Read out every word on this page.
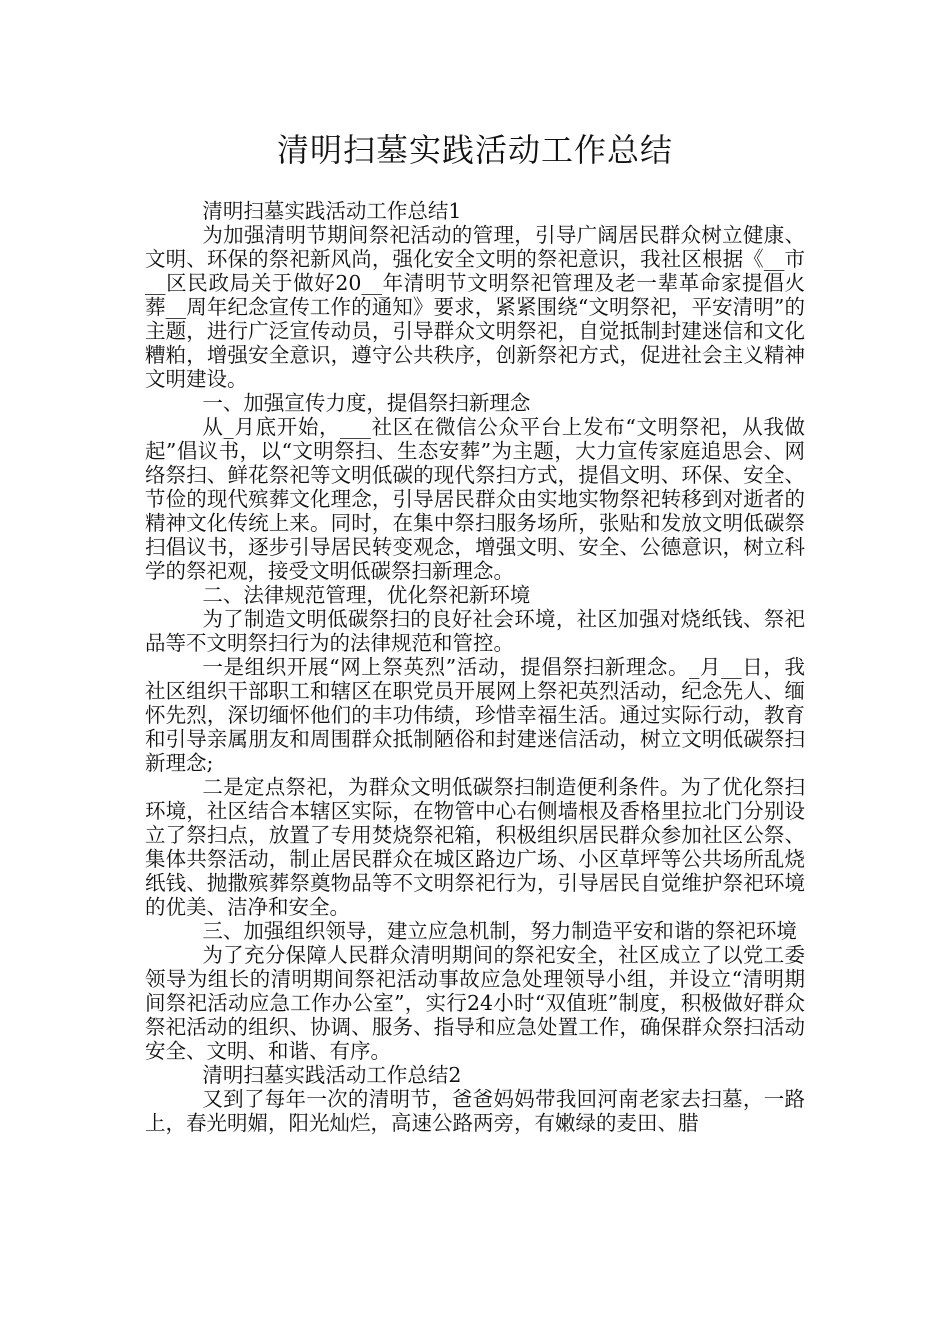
清明扫墓实践活动工作总结

清明扫墓实践活动工作总结1

为加强清明节期间祭祀活动的管理，引导广阔居民群众树立健康、文明、环保的祭祀新风尚，强化安全文明的祭祀意识，我社区根据《__市__区民政局关于做好20__年清明节文明祭祀管理及老一辈革命家提倡火葬__周年纪念宣传工作的通知》要求，紧紧围绕“文明祭祀，平安清明”的主题，进行广泛宣传动员，引导群众文明祭祀，自觉抵制封建迷信和文化糟粕，增强安全意识，遵守公共秩序，创新祭祀方式，促进社会主义精神文明建设。

一、加强宣传力度，提倡祭扫新理念

从_月底开始，___社区在微信公众平台上发布“文明祭祀，从我做起”倡议书，以“文明祭扫、生态安葬”为主题，大力宣传家庭追思会、网络祭扫、鲜花祭祀等文明低碳的现代祭扫方式，提倡文明、环保、安全、节俭的现代殡葬文化理念，引导居民群众由实地实物祭祀转移到对逝者的精神文化传统上来。同时，在集中祭扫服务场所，张贴和发放文明低碳祭扫倡议书，逐步引导居民转变观念，增强文明、安全、公德意识，树立科学的祭祀观，接受文明低碳祭扫新理念。

二、法律规范管理，优化祭祀新环境

为了制造文明低碳祭扫的良好社会环境，社区加强对烧纸钱、祭祀品等不文明祭扫行为的法律规范和管控。

一是组织开展“网上祭英烈”活动，提倡祭扫新理念。_月__日，我社区组织干部职工和辖区在职党员开展网上祭祀英烈活动，纪念先人、缅怀先烈，深切缅怀他们的丰功伟绩，珍惜幸福生活。通过实际行动，教育和引导亲属朋友和周围群众抵制陋俗和封建迷信活动，树立文明低碳祭扫新理念;

二是定点祭祀，为群众文明低碳祭扫制造便利条件。为了优化祭扫环境，社区结合本辖区实际，在物管中心右侧墙根及香格里拉北门分别设立了祭扫点，放置了专用焚烧祭祀箱，积极组织居民群众参加社区公祭、集体共祭活动，制止居民群众在城区路边广场、小区草坪等公共场所乱烧纸钱、抛撒殡葬祭奠物品等不文明祭祀行为，引导居民自觉维护祭祀环境的优美、洁净和安全。

三、加强组织领导，建立应急机制，努力制造平安和谐的祭祀环境

为了充分保障人民群众清明期间的祭祀安全，社区成立了以党工委领导为组长的清明期间祭祀活动事故应急处理领导小组，并设立“清明期间祭祀活动应急工作办公室”，实行24小时“双值班”制度，积极做好群众祭祀活动的组织、协调、服务、指导和应急处置工作，确保群众祭扫活动安全、文明、和谐、有序。

清明扫墓实践活动工作总结2

又到了每年一次的清明节，爸爸妈妈带我回河南老家去扫墓，一路上，春光明媚，阳光灿烂，高速公路两旁，有嫩绿的麦田、腊
